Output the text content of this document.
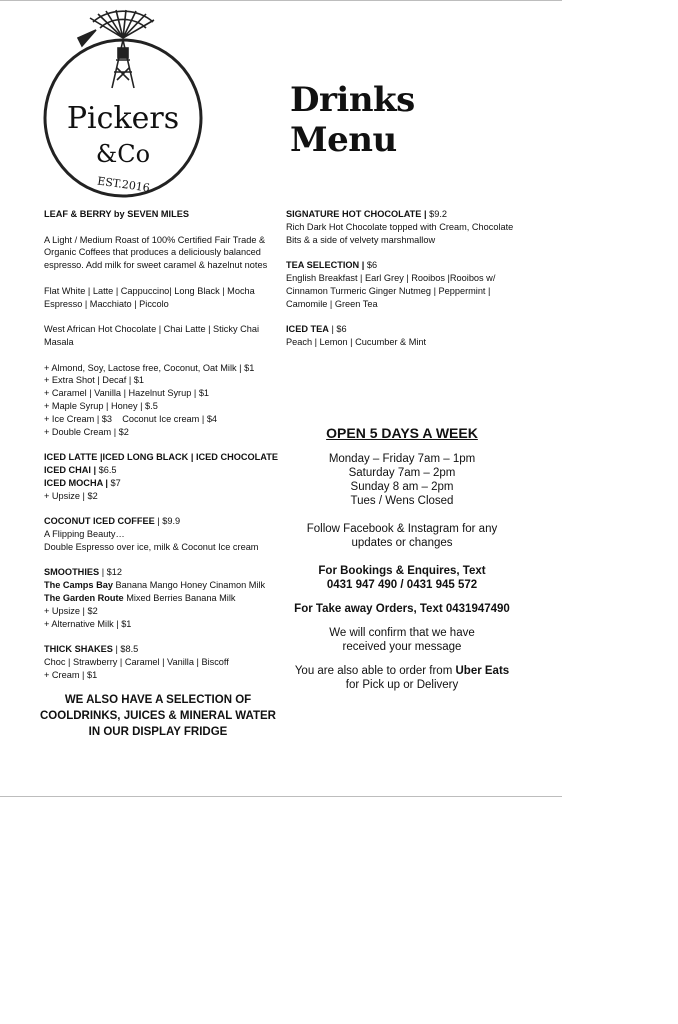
Pickers
&Co
EST.2016
Drinks Menu

LEAF & BERRY by SEVEN MILES

A Light / Medium Roast of 100% Certified Fair Trade & Organic Coffees that produces a deliciously balanced espresso. Add milk for sweet caramel & hazelnut notes

Flat White | Latte | Cappuccino| Long Black | Mocha Espresso | Macchiato | Piccolo

West African Hot Chocolate | Chai Latte | Sticky Chai Masala

+ Almond, Soy, Lactose free, Coconut, Oat Milk | $1

+ Extra Shot | Decaf | $1

+ Caramel | Vanilla | Hazelnut Syrup | $1

+ Maple Syrup | Honey | $.5

+ Ice Cream | $3    Coconut Ice cream | $4

+ Double Cream | $2

ICED LATTE |ICED LONG BLACK | ICED CHOCOLATE

ICED CHAI | $6.5

ICED MOCHA | $7

+ Upsize | $2

COCONUT ICED COFFEE | $9.9

A Flipping Beauty…

Double Espresso over ice, milk & Coconut Ice cream

SMOOTHIES | $12

The Camps Bay Banana Mango Honey Cinamon Milk

The Garden Route Mixed Berries Banana Milk

+ Upsize | $2

+ Alternative Milk | $1

THICK SHAKES | $8.5

Choc | Strawberry | Caramel | Vanilla | Biscoff

+ Cream | $1

WE ALSO HAVE A SELECTION OF
COOLDRINKS, JUICES & MINERAL WATER
IN OUR DISPLAY FRIDGE

SIGNATURE HOT CHOCOLATE | $9.2

Rich Dark Hot Chocolate topped with Cream, Chocolate Bits & a side of velvety marshmallow

TEA SELECTION | $6

English Breakfast | Earl Grey | Rooibos |Rooibos w/ Cinnamon Turmeric Ginger Nutmeg | Peppermint | Camomile | Green Tea

ICED TEA | $6

Peach | Lemon | Cucumber & Mint

OPEN 5 DAYS A WEEK

Monday – Friday 7am – 1pm

Saturday 7am – 2pm

Sunday 8 am – 2pm

Tues / Wens Closed

Follow Facebook & Instagram for any updates or changes

For Bookings & Enquires, Text

0431 947 490 / 0431 945 572

For Take away Orders, Text 0431947490

We will confirm that we have received your message

You are also able to order from Uber Eats

for Pick up or Delivery
